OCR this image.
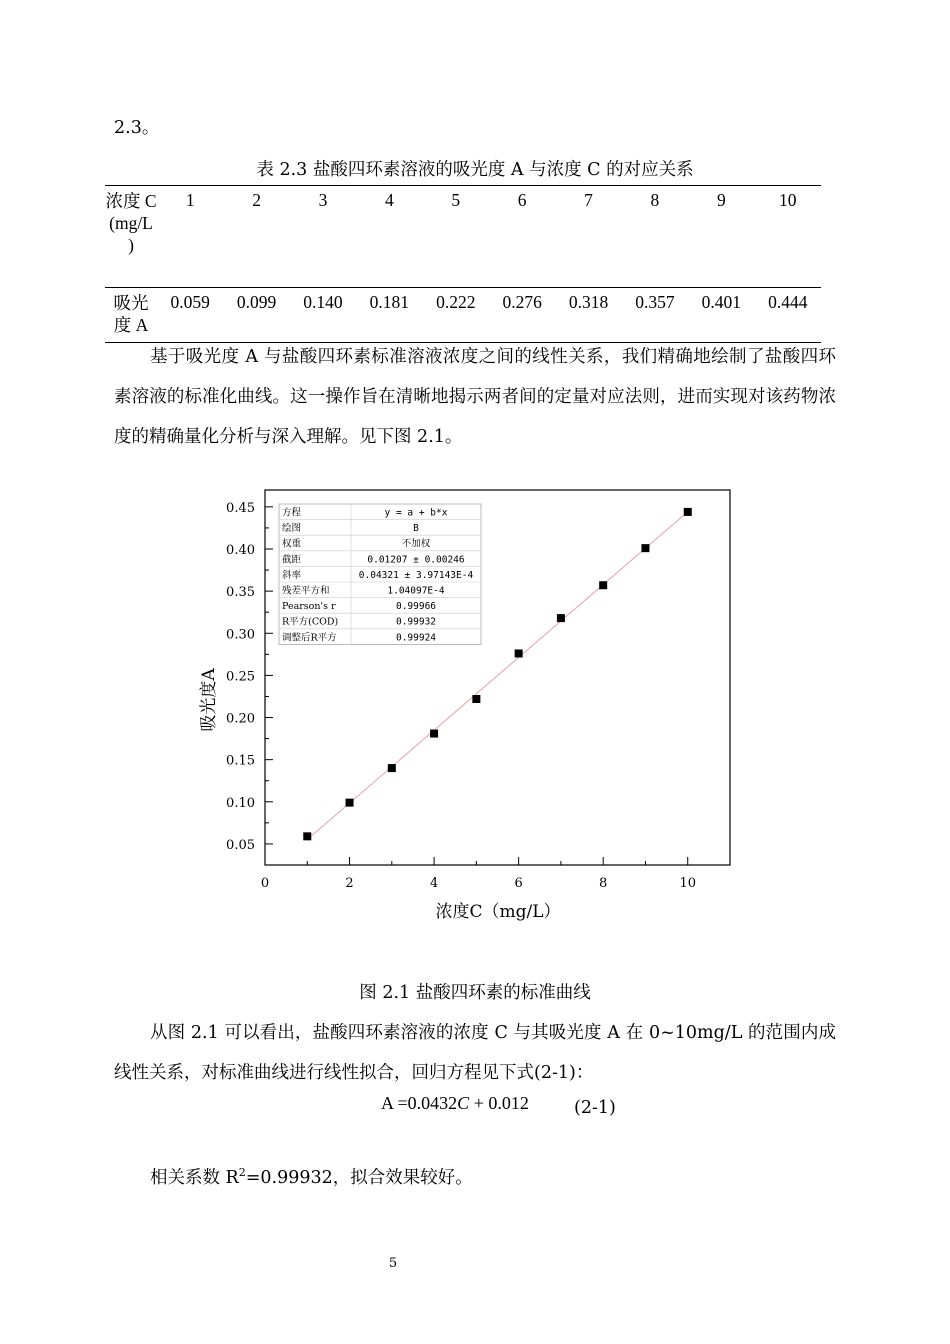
2.3。
表 2.3 盐酸四环素溶液的吸光度 A 与浓度 C 的对应关系
浓度 C (mg/L )	1	2	3	4	5	6	7	8	9	10
吸光度 A	0.059	0.099	0.140	0.181	0.222	0.276	0.318	0.357	0.401	0.444
基于吸光度 A 与盐酸四环素标准溶液浓度之间的线性关系，我们精确地绘制了盐酸四环素溶液的标准化曲线。这一操作旨在清晰地揭示两者间的定量对应法则，进而实现对该药物浓度的精确量化分析与深入理解。见下图 2.1。
0	2	4	6	8	10
0.05
0.10
0.15
0.20
0.25
0.30
0.35
0.40
0.45	方程	y = a + b*x
绘图	B
权重	不加权
截距	0.01207 ± 0.00246
斜率	0.04321 ± 3.97143E-4
残差平方和	1.04097E-4
Pearson's r	0.99966
R平方(COD)	0.99932
调整后R平方	0.99924
浓度C（mg/L）
吸光度A
图 2.1 盐酸四环素的标准曲线
从图 2.1 可以看出，盐酸四环素溶液的浓度 C 与其吸光度 A 在 0~10mg/L 的范围内成线性关系，对标准曲线进行线性拟合，回归方程见下式(2-1)：
A =0.0432C + 0.012	(2-1)
相关系数 $R^2=0.99932$，拟合效果较好。
5
